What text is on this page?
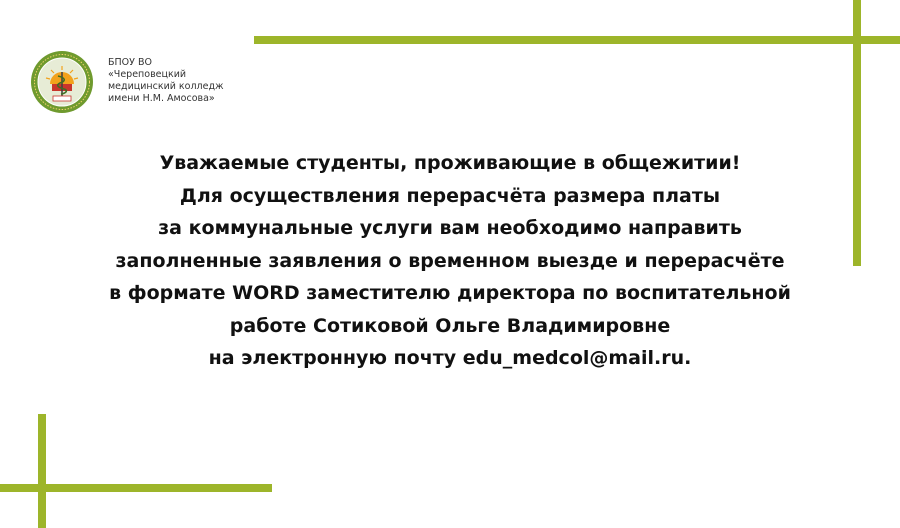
БПОУ ВО
«Череповецкий
медицинский колледж
имени Н.М. Амосова»
Уважаемые студенты, проживающие в общежитии!
Для осуществления перерасчёта размера платы
за коммунальные услуги вам необходимо направить
заполненные заявления о временном выезде и перерасчёте
в формате WORD заместителю директора по воспитательной
работе Сотиковой Ольге Владимировне
на электронную почту edu_medcol@mail.ru.
